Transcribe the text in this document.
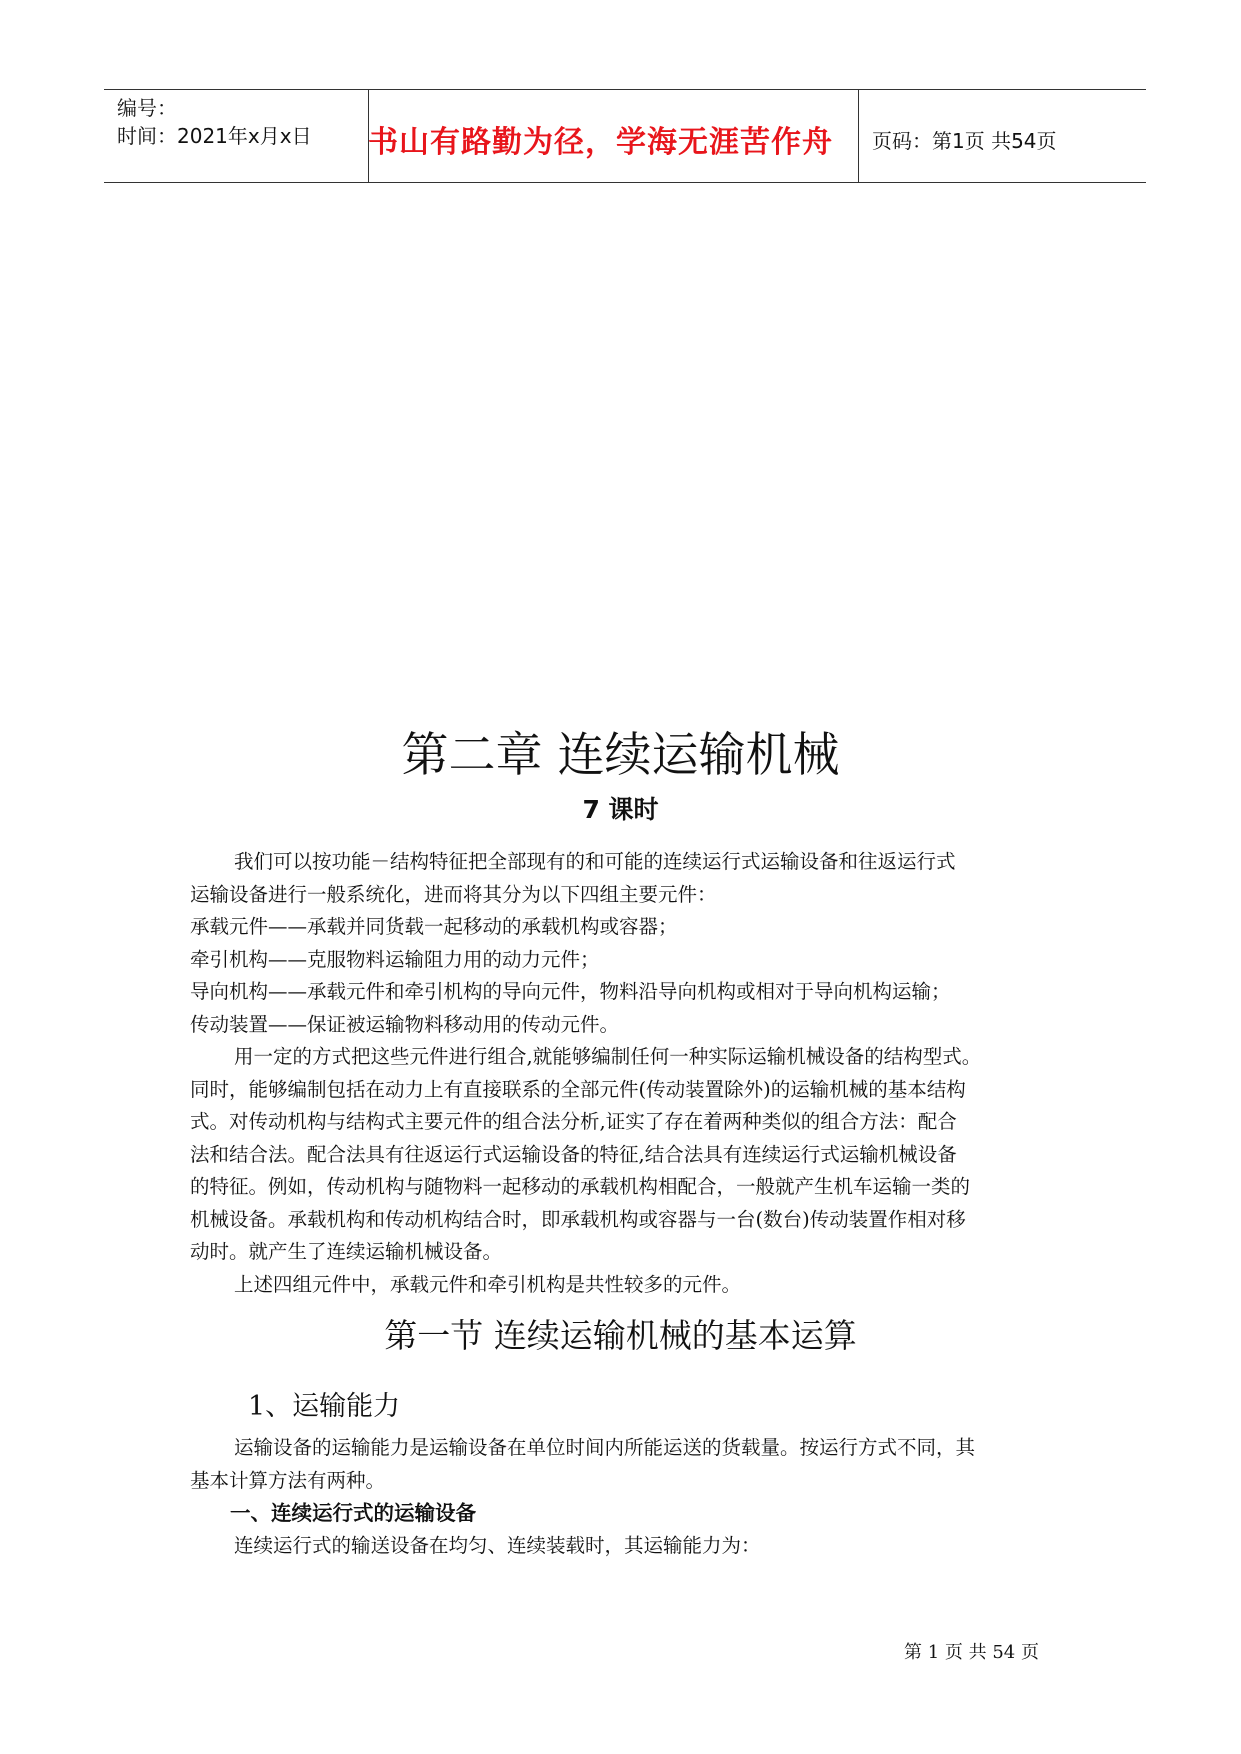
编号：
时间：2021年x月x日 书山有路勤为径，学海无涯苦作舟	页码：第1页 共54页
第二章 连续运输机械
7 课时
我们可以按功能－结构特征把全部现有的和可能的连续运行式运输设备和往返运行式
运输设备进行一般系统化，进而将其分为以下四组主要元件：
承载元件——承载并同货载一起移动的承载机构或容器；
牵引机构——克服物料运输阻力用的动力元件；
导向机构——承载元件和牵引机构的导向元件，物料沿导向机构或相对于导向机构运输；
传动装置——保证被运输物料移动用的传动元件。
用一定的方式把这些元件进行组合,就能够编制任何一种实际运输机械设备的结构型式。
同时，能够编制包括在动力上有直接联系的全部元件(传动装置除外)的运输机械的基本结构
式。对传动机构与结构式主要元件的组合法分析,证实了存在着两种类似的组合方法：配合
法和结合法。配合法具有往返运行式运输设备的特征,结合法具有连续运行式运输机械设备
的特征。例如，传动机构与随物料一起移动的承载机构相配合，一般就产生机车运输一类的
机械设备。承载机构和传动机构结合时，即承载机构或容器与一台(数台)传动装置作相对移
动时。就产生了连续运输机械设备。
上述四组元件中，承载元件和牵引机构是共性较多的元件。
第一节 连续运输机械的基本运算
1、运输能力
运输设备的运输能力是运输设备在单位时间内所能运送的货载量。按运行方式不同，其
基本计算方法有两种。
一、连续运行式的运输设备
连续运行式的输送设备在均匀、连续装载时，其运输能力为：
第 1 页 共 54 页
